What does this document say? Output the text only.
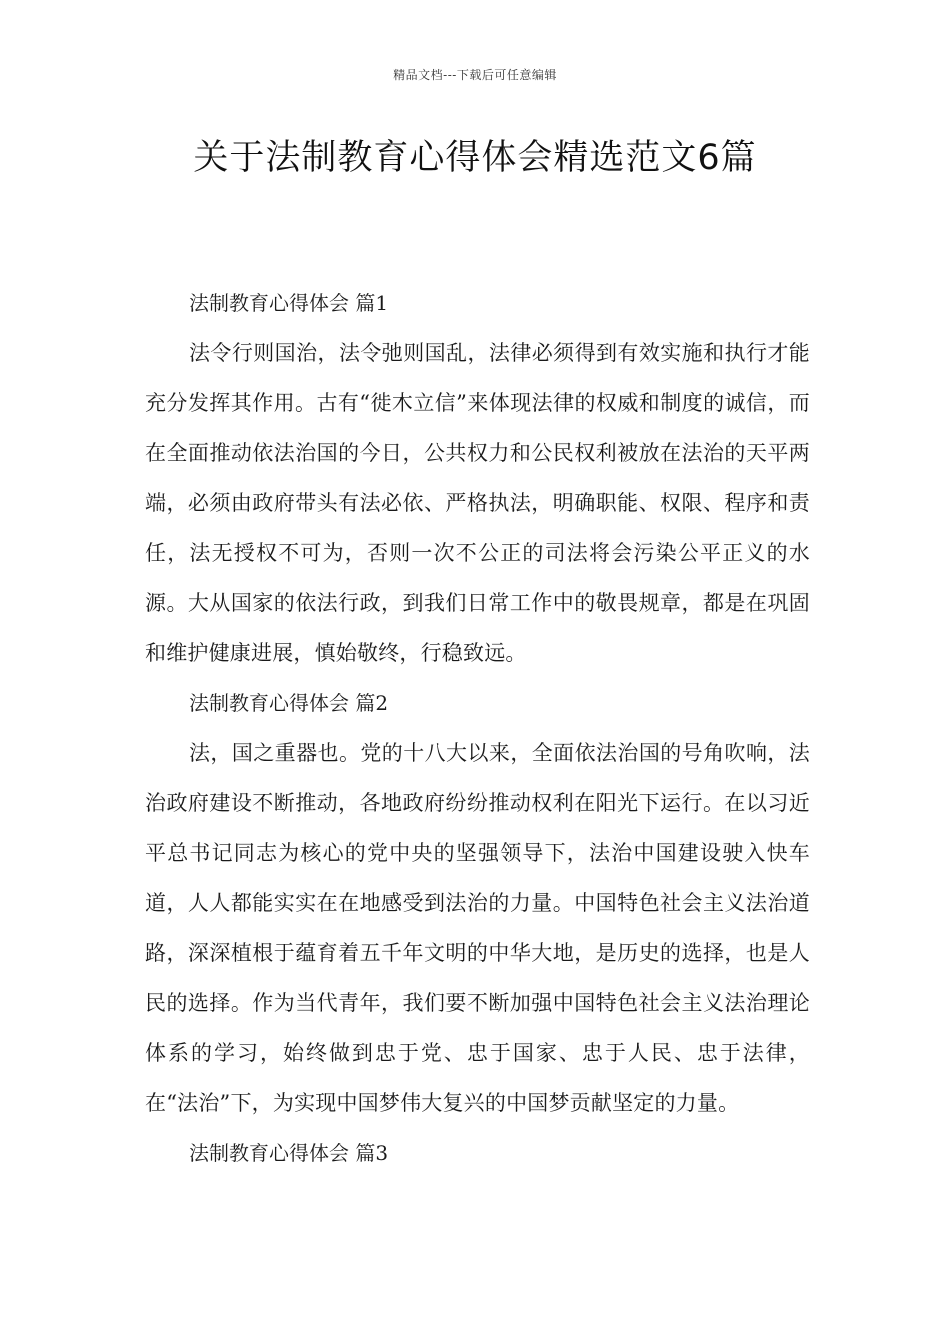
精品文档---下载后可任意编辑
关于法制教育心得体会精选范文6篇
法制教育心得体会 篇1

法令行则国治，法令弛则国乱，法律必须得到有效实施和执行才能充分发挥其作用。古有“徙木立信”来体现法律的权威和制度的诚信，而在全面推动依法治国的今日，公共权力和公民权利被放在法治的天平两端，必须由政府带头有法必依、严格执法，明确职能、权限、程序和责任，法无授权不可为，否则一次不公正的司法将会污染公平正义的水源。大从国家的依法行政，到我们日常工作中的敬畏规章，都是在巩固和维护健康进展，慎始敬终，行稳致远。

法制教育心得体会 篇2

法，国之重器也。党的十八大以来，全面依法治国的号角吹响，法治政府建设不断推动，各地政府纷纷推动权利在阳光下运行。在以习近平总书记同志为核心的党中央的坚强领导下，法治中国建设驶入快车道，人人都能实实在在地感受到法治的力量。中国特色社会主义法治道路，深深植根于蕴育着五千年文明的中华大地，是历史的选择，也是人民的选择。作为当代青年，我们要不断加强中国特色社会主义法治理论体系的学习，始终做到忠于党、忠于国家、忠于人民、忠于法律，在“法治”下，为实现中国梦伟大复兴的中国梦贡献坚定的力量。

法制教育心得体会 篇3
